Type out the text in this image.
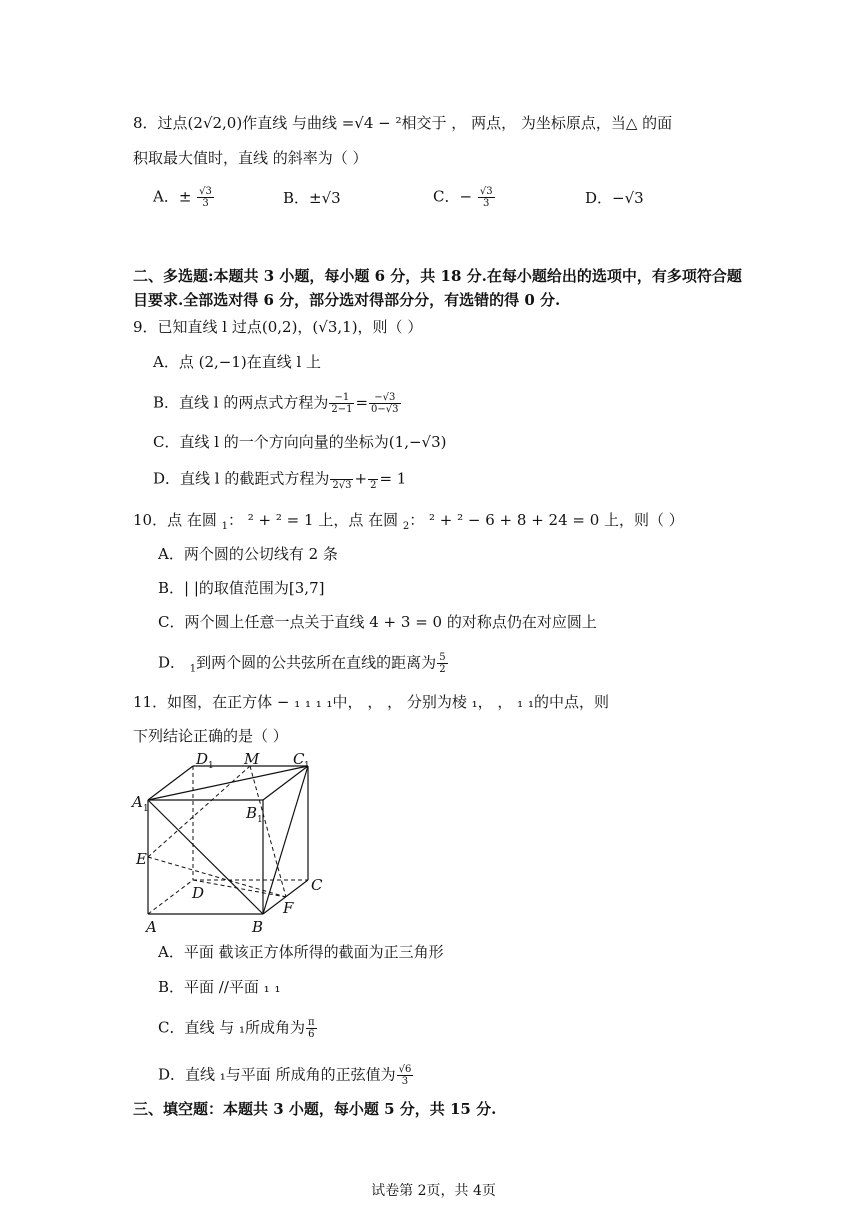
8．过点(2√2,0)作直线 与曲线 =√4 − ²相交于 ， 两点， 为坐标原点，当△ 的面
积取最大值时，直线 的斜率为（ ）
A．± $\frac{√3}{3}$	B．±√3	C．− $\frac{√3}{3}$	D．−√3
二、多选题:本题共 3 小题，每小题 6 分，共 18 分.在每小题给出的选项中，有多项符合题
目要求.全部选对得 6 分，部分选对得部分分，有选错的得 0 分.
9．已知直线 l 过点(0,2)，(√3,1)，则（ ）
A．点 (2,−1)在直线 l 上
B．直线 l 的两点式方程为 $\frac{-1}{2-1} = \frac{-√3}{0-√3}$
C．直线 l 的一个方向向量的坐标为(1,−√3)
D．直线 l 的截距式方程为
2√3 +
2 = 1
10．点 在圆 $_1$： ² + ² = 1 上，点 在圆 $_2$： ² + ² − 6 + 8 + 24 = 0 上，则（ ）
A．两个圆的公切线有 2 条
B．| |的取值范围为[3,7]
C．两个圆上任意一点关于直线 4 + 3 = 0 的对称点仍在对应圆上
D． $_1$到两个圆的公共弦所在直线的距离为 $\frac{5}{2}$
11．如图，在正方体 − ₁ ₁ ₁ ₁中， ， ， 分别为棱 ₁， ， ₁ ₁的中点，则
下列结论正确的是（ ）
D 1 M C 1
A 1	B 1
E
D	C
A	B
F
A．平面 截该正方体所得的截面为正三角形
B．平面 //平面 ₁ ₁
C．直线 与 ₁所成角为 $\frac{\pi}{6}$
D．直线 ₁与平面 所成角的正弦值为 $\frac{√6}{3}$
三、填空题：本题共 3 小题，每小题 5 分，共 15 分.
试卷第 2页，共 4页
